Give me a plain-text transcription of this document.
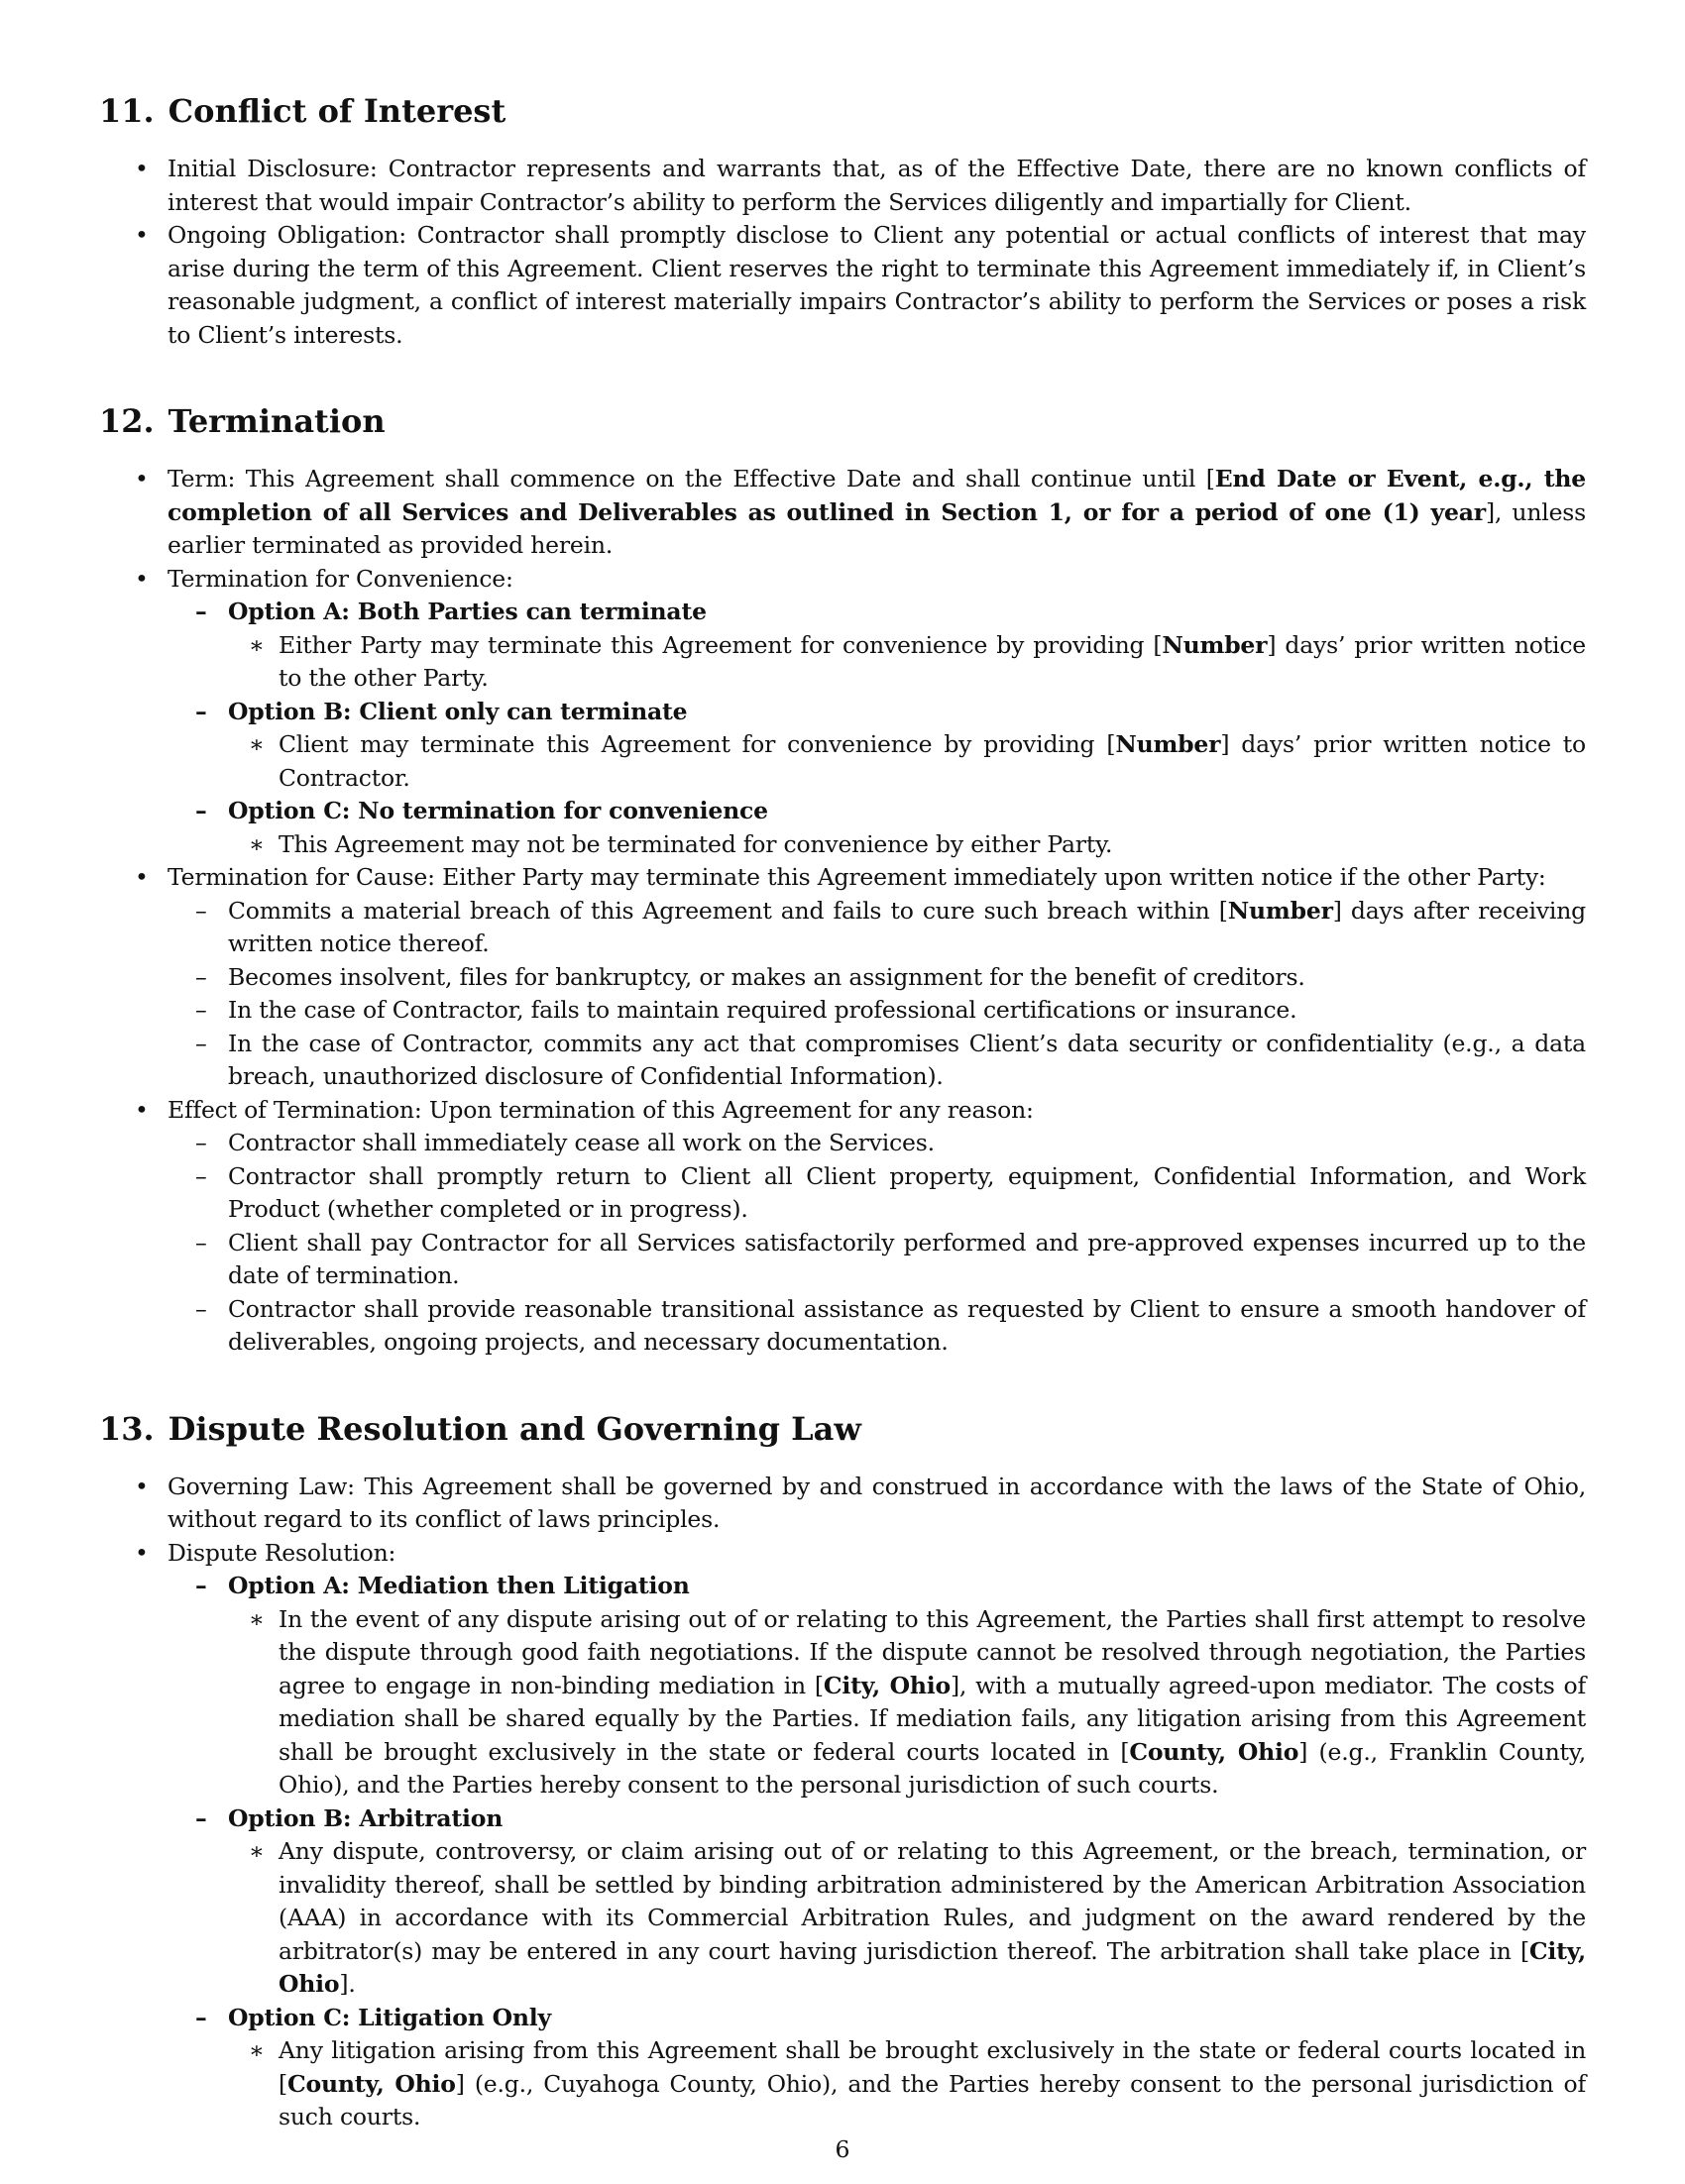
11. Conflict of Interest

• Initial Disclosure: Contractor represents and warrants that, as of the Effective Date, there are no known conflicts of interest that would impair Contractor’s ability to perform the Services diligently and impartially for Client.

• Ongoing Obligation: Contractor shall promptly disclose to Client any potential or actual conflicts of interest that may arise during the term of this Agreement. Client reserves the right to terminate this Agreement immediately if, in Client’s reasonable judgment, a conflict of interest materially impairs Contractor’s ability to perform the Services or poses a risk to Client’s interests.

12. Termination

• Term: This Agreement shall commence on the Effective Date and shall continue until [End Date or Event, e.g., the completion of all Services and Deliverables as outlined in Section 1, or for a period of one (1) year], unless earlier terminated as provided herein.

• Termination for Convenience:

– Option A: Both Parties can terminate

∗ Either Party may terminate this Agreement for convenience by providing [Number] days’ prior written notice to the other Party.

– Option B: Client only can terminate

∗ Client may terminate this Agreement for convenience by providing [Number] days’ prior written notice to Contractor.

– Option C: No termination for convenience

∗ This Agreement may not be terminated for convenience by either Party.

• Termination for Cause: Either Party may terminate this Agreement immediately upon written notice if the other Party:

– Commits a material breach of this Agreement and fails to cure such breach within [Number] days after receiving written notice thereof.

– Becomes insolvent, files for bankruptcy, or makes an assignment for the benefit of creditors.

– In the case of Contractor, fails to maintain required professional certifications or insurance.

– In the case of Contractor, commits any act that compromises Client’s data security or confidentiality (e.g., a data breach, unauthorized disclosure of Confidential Information).

• Effect of Termination: Upon termination of this Agreement for any reason:

– Contractor shall immediately cease all work on the Services.

– Contractor shall promptly return to Client all Client property, equipment, Confidential Information, and Work Product (whether completed or in progress).

– Client shall pay Contractor for all Services satisfactorily performed and pre-approved expenses incurred up to the date of termination.

– Contractor shall provide reasonable transitional assistance as requested by Client to ensure a smooth handover of deliverables, ongoing projects, and necessary documentation.

13. Dispute Resolution and Governing Law

• Governing Law: This Agreement shall be governed by and construed in accordance with the laws of the State of Ohio, without regard to its conflict of laws principles.

• Dispute Resolution:

– Option A: Mediation then Litigation

∗ In the event of any dispute arising out of or relating to this Agreement, the Parties shall first attempt to resolve the dispute through good faith negotiations. If the dispute cannot be resolved through negotiation, the Parties agree to engage in non-binding mediation in [City, Ohio], with a mutually agreed-upon mediator. The costs of mediation shall be shared equally by the Parties. If mediation fails, any litigation arising from this Agreement shall be brought exclusively in the state or federal courts located in [County, Ohio] (e.g., Franklin County, Ohio), and the Parties hereby consent to the personal jurisdiction of such courts.

– Option B: Arbitration

∗ Any dispute, controversy, or claim arising out of or relating to this Agreement, or the breach, termination, or invalidity thereof, shall be settled by binding arbitration administered by the American Arbitration Association (AAA) in accordance with its Commercial Arbitration Rules, and judgment on the award rendered by the arbitrator(s) may be entered in any court having jurisdiction thereof. The arbitration shall take place in [City, Ohio].

– Option C: Litigation Only

∗ Any litigation arising from this Agreement shall be brought exclusively in the state or federal courts located in [County, Ohio] (e.g., Cuyahoga County, Ohio), and the Parties hereby consent to the personal jurisdiction of such courts.

6
